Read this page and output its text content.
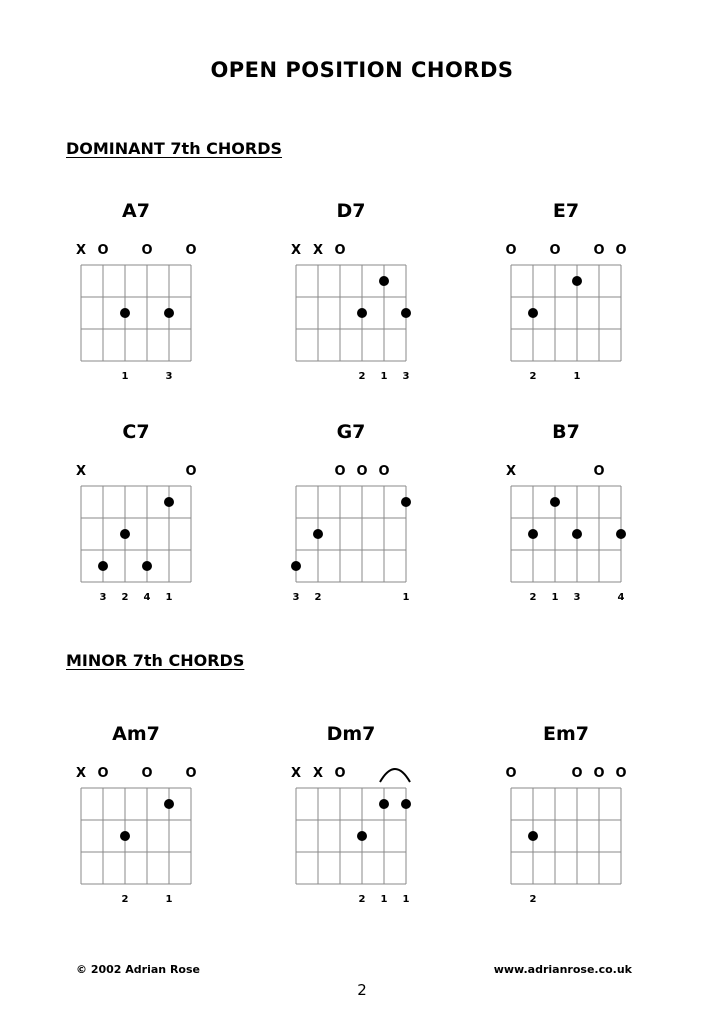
OPEN POSITION CHORDS
DOMINANT 7th CHORDS
MINOR 7th CHORDS
A7
X O	O	O
1	3
D7
X X O
2 1 3
E7
O	O	O O
2	1
C7
X	O
3 2 4 1
G7
O O O
3 2	1
B7
X	O
2 1 3	4
Am7
X O	O	O
2	1
Dm7
X X O
2 1 1
Em7
O	O O O
2
© 2002 Adrian Rose	www.adrianrose.co.uk
2
